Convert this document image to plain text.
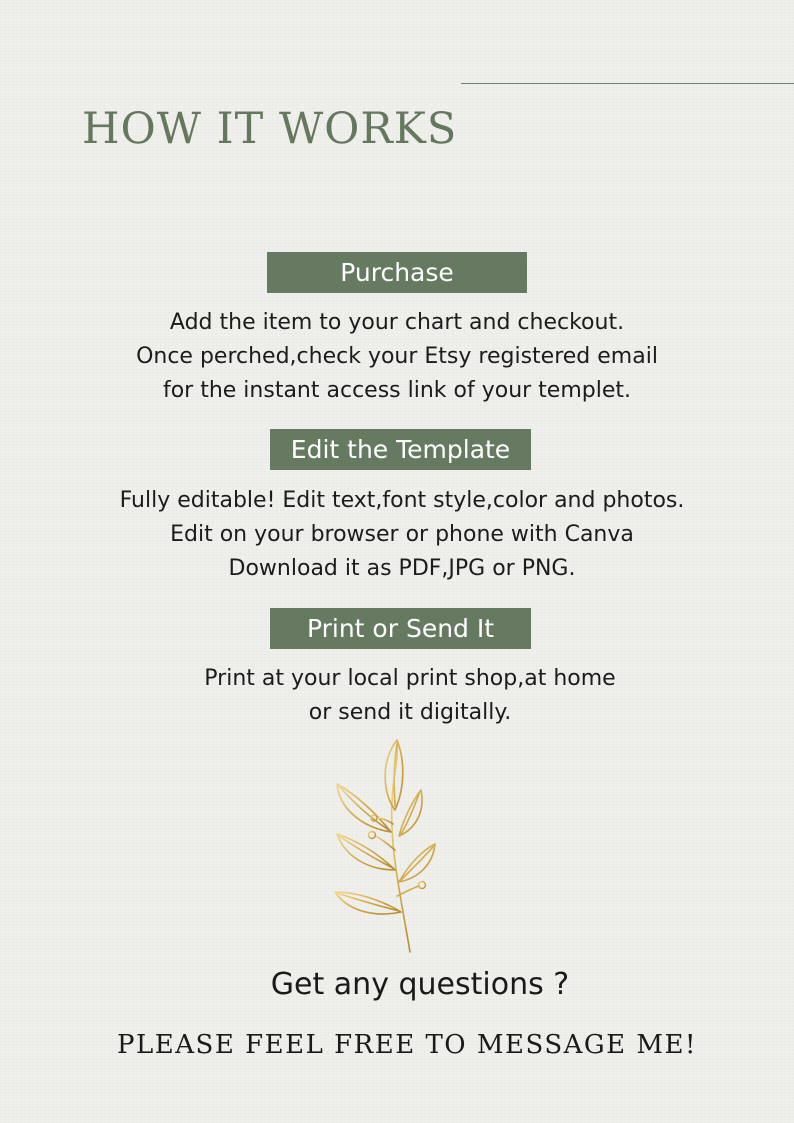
HOW IT WORKS
Purchase
Add the item to your chart and checkout.
Once perched,check your Etsy registered email
for the instant access link of your templet.
Edit the Template
Fully editable! Edit text,font style,color and photos.
Edit on your browser or phone with Canva
Download it as PDF,JPG or PNG.
Print or Send It
Print at your local print shop,at home
or send it digitally.
Get any questions ?
PLEASE FEEL FREE TO MESSAGE ME!
